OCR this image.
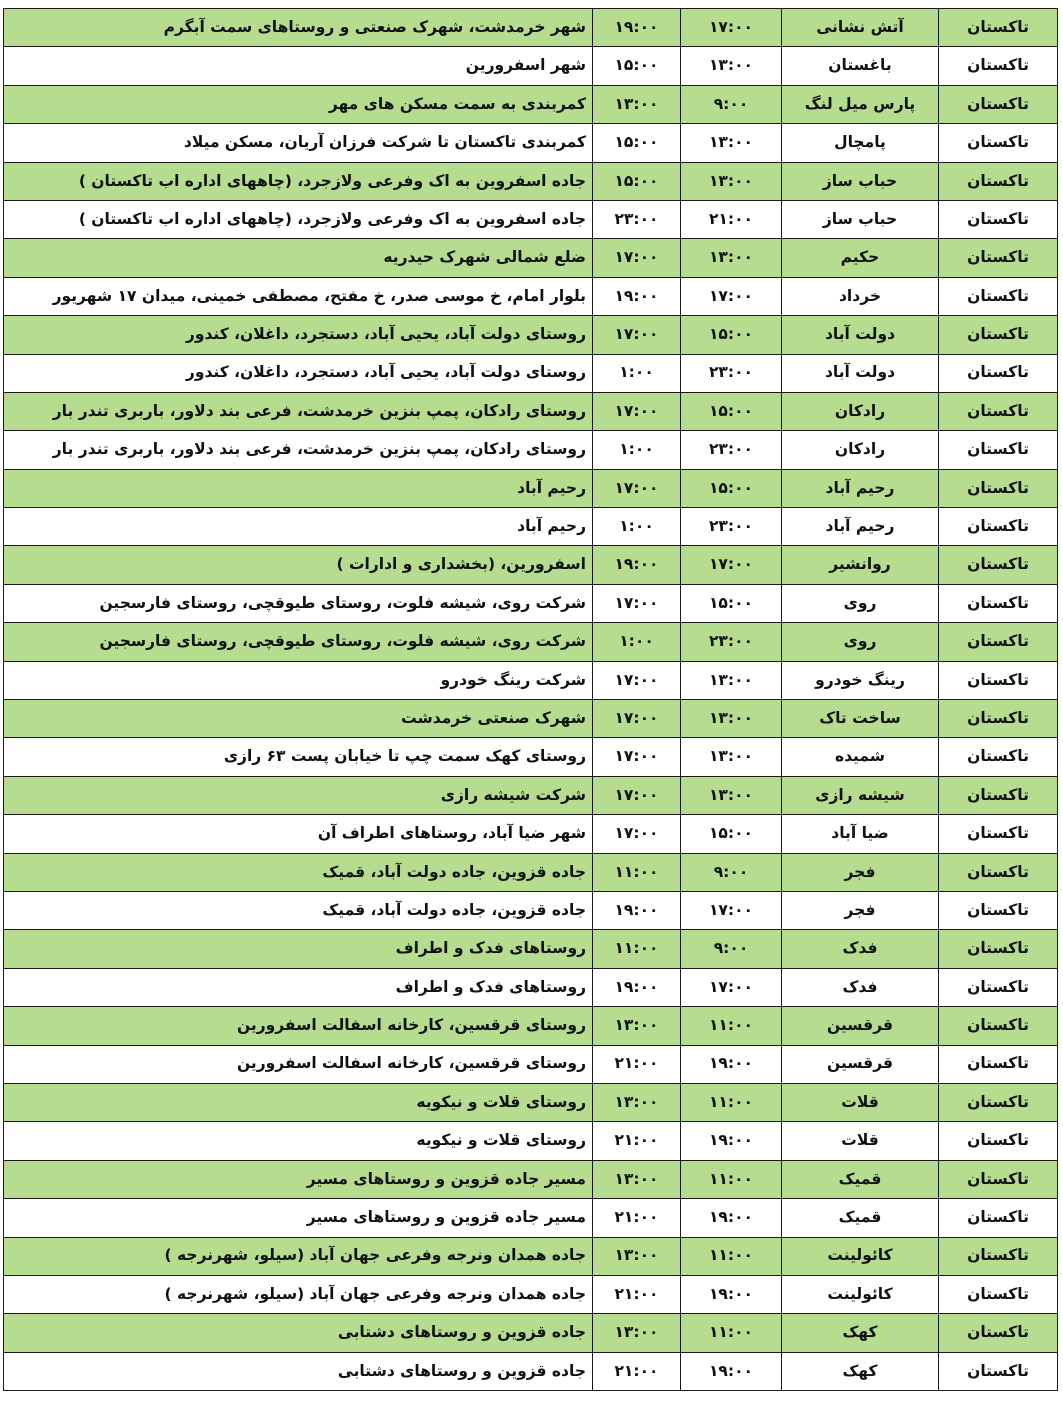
تاکستان	آتش نشانی	۱۷:۰۰	۱۹:۰۰	شهر خرمدشت، شهرک صنعتی و روستاهای سمت آبگرم
تاکستان	باغستان	۱۳:۰۰	۱۵:۰۰	شهر اسفرورین
تاکستان	پارس میل لنگ	۹:۰۰	۱۳:۰۰	کمربندی به سمت مسکن های مهر
تاکستان	پامچال	۱۳:۰۰	۱۵:۰۰	کمربندی تاکستان تا شرکت فرزان آریان، مسکن میلاد
تاکستان	حباب ساز	۱۳:۰۰	۱۵:۰۰	جاده اسفروین به اک وفرعی ولازجرد، (چاههای اداره اب تاکستان )
تاکستان	حباب ساز	۲۱:۰۰	۲۳:۰۰	جاده اسفروین به اک وفرعی ولازجرد، (چاههای اداره اب تاکستان )
تاکستان	حکیم	۱۳:۰۰	۱۷:۰۰	ضلع شمالی شهرک حیدریه
تاکستان	خرداد	۱۷:۰۰	۱۹:۰۰	بلوار امام، خ موسی صدر، خ مفتح، مصطفی خمینی، میدان ۱۷ شهریور
تاکستان	دولت آباد	۱۵:۰۰	۱۷:۰۰	روستای دولت آباد، یحیی آباد، دستجرد، داغلان، کندور
تاکستان	دولت آباد	۲۳:۰۰	۱:۰۰	روستای دولت آباد، یحیی آباد، دستجرد، داغلان، کندور
تاکستان	رادکان	۱۵:۰۰	۱۷:۰۰	روستای رادکان، پمپ بنزین خرمدشت، فرعی بند دلاور، باربری تندر بار
تاکستان	رادکان	۲۳:۰۰	۱:۰۰	روستای رادکان، پمپ بنزین خرمدشت، فرعی بند دلاور، باربری تندر بار
تاکستان	رحیم آباد	۱۵:۰۰	۱۷:۰۰	رحیم آباد
تاکستان	رحیم آباد	۲۳:۰۰	۱:۰۰	رحیم آباد
تاکستان	روانشیر	۱۷:۰۰	۱۹:۰۰	اسفرورین، (بخشداری و ادارات )
تاکستان	روی	۱۵:۰۰	۱۷:۰۰	شرکت روی، شیشه فلوت، روستای طیوقچی، روستای فارسجین
تاکستان	روی	۲۳:۰۰	۱:۰۰	شرکت روی، شیشه فلوت، روستای طیوقچی، روستای فارسجین
تاکستان	رینگ خودرو	۱۳:۰۰	۱۷:۰۰	شرکت رینگ خودرو
تاکستان	ساخت تاک	۱۳:۰۰	۱۷:۰۰	شهرک صنعتی خرمدشت
تاکستان	شمیده	۱۳:۰۰	۱۷:۰۰	روستای کهک سمت چپ تا خیابان پست ۶۳ رازی
تاکستان	شیشه رازی	۱۳:۰۰	۱۷:۰۰	شرکت شیشه رازی
تاکستان	ضیا آباد	۱۵:۰۰	۱۷:۰۰	شهر ضیا آباد، روستاهای اطراف آن
تاکستان	فجر	۹:۰۰	۱۱:۰۰	جاده قزوین، جاده دولت آباد، قمیک
تاکستان	فجر	۱۷:۰۰	۱۹:۰۰	جاده قزوین، جاده دولت آباد، قمیک
تاکستان	فدک	۹:۰۰	۱۱:۰۰	روستاهای فدک و اطراف
تاکستان	فدک	۱۷:۰۰	۱۹:۰۰	روستاهای فدک و اطراف
تاکستان	قرقسین	۱۱:۰۰	۱۳:۰۰	روستای قرقسین، کارخانه اسفالت اسفرورین
تاکستان	قرقسین	۱۹:۰۰	۲۱:۰۰	روستای قرقسین، کارخانه اسفالت اسفرورین
تاکستان	قلات	۱۱:۰۰	۱۳:۰۰	روستای قلات و نیکویه
تاکستان	قلات	۱۹:۰۰	۲۱:۰۰	روستای قلات و نیکویه
تاکستان	قمیک	۱۱:۰۰	۱۳:۰۰	مسیر جاده قزوین و روستاهای مسیر
تاکستان	قمیک	۱۹:۰۰	۲۱:۰۰	مسیر جاده قزوین و روستاهای مسیر
تاکستان	کائولینت	۱۱:۰۰	۱۳:۰۰	جاده همدان ونرجه وفرعی جهان آباد (سیلو، شهرنرجه )
تاکستان	کائولینت	۱۹:۰۰	۲۱:۰۰	جاده همدان ونرجه وفرعی جهان آباد (سیلو، شهرنرجه )
تاکستان	کهک	۱۱:۰۰	۱۳:۰۰	جاده قزوین و روستاهای دشتابی
تاکستان	کهک	۱۹:۰۰	۲۱:۰۰	جاده قزوین و روستاهای دشتابی
